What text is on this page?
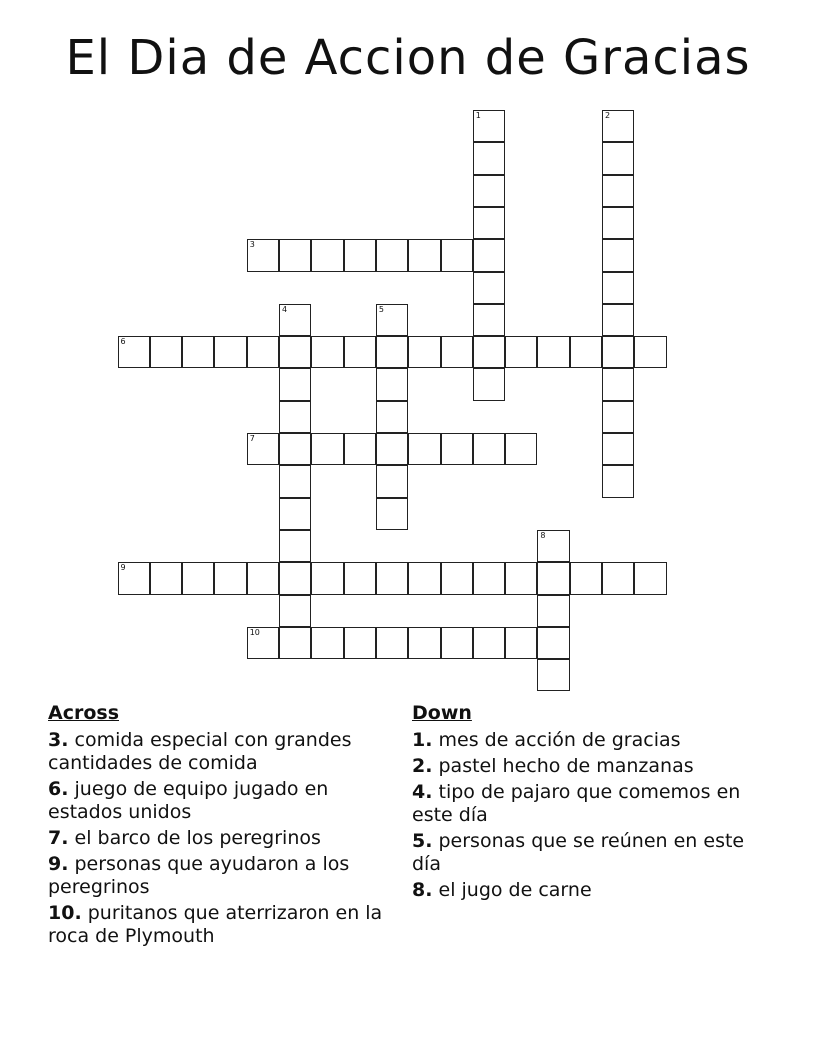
El Dia de Accion de Gracias
1	2
3
4	5
6
7
8
9
10
Across
3. comida especial con grandes cantidades de comida
6. juego de equipo jugado en estados unidos
7. el barco de los peregrinos
9. personas que ayudaron a los peregrinos
10. puritanos que aterrizaron en la roca de Plymouth
Down
1. mes de acción de gracias
2. pastel hecho de manzanas
4. tipo de pajaro que comemos en este día
5. personas que se reúnen en este día
8. el jugo de carne
